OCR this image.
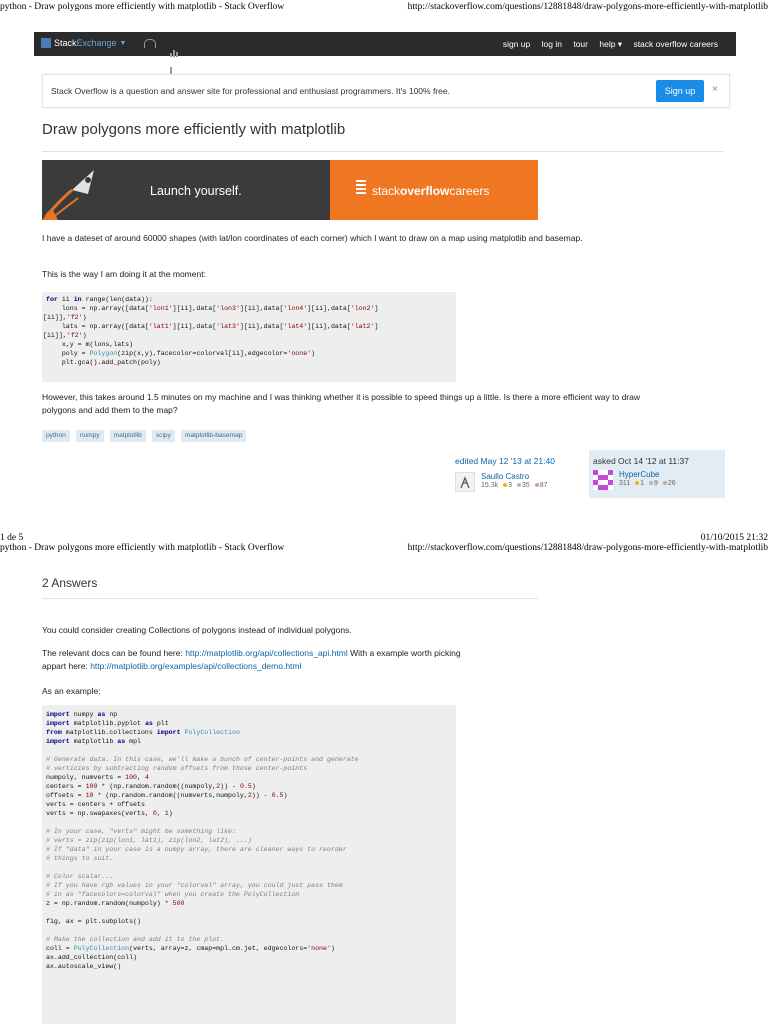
python - Draw polygons more efficiently with matplotlib - Stack Overflow	http://stackoverflow.com/questions/12881848/draw-polygons-more-efficiently-with-matplotlib
Stack Exchange ▼	sign up log in tour help ▾ stack overflow careers
Stack Overflow is a question and answer site for professional and enthusiast programmers. It's 100% free.	Sign up	×
Draw polygons more efficiently with matplotlib
Launch yourself.	stackoverflowcareers
I have a dateset of around 60000 shapes (with lat/lon coordinates of each corner) which I want to draw on a map using matplotlib and basemap.
This is the way I am doing it at the moment:

for ii in range(len(data)):

lons = np.array([data['lon1'][ii],data['lon3'][ii],data['lon4'][ii],data['lon2']

[ii]],'f2')

lats = np.array([data['lat1'][ii],data['lat3'][ii],data['lat4'][ii],data['lat2']

[ii]],'f2')

x,y = m(lons,lats)

poly = Polygon(zip(x,y),facecolor=colorval[ii],edgecolor='none')

plt.gca().add_patch(poly)

However, this takes around 1.5 minutes on my machine and I was thinking whether it is possible to speed things up a little. Is there a more efficient way to draw polygons and add them to the map?
python	numpy	matplotlib	scipy	matplotlib-basemap
edited May 12 '13 at 21:40
Saullo Castro
15.3k 3 35 87
asked Oct 14 '12 at 11:37
HyperCube
311 1 9 26
1 de 5	01/10/2015 21:32
python - Draw polygons more efficiently with matplotlib - Stack Overflow	http://stackoverflow.com/questions/12881848/draw-polygons-more-efficiently-with-matplotlib
2 Answers
You could consider creating Collections of polygons instead of individual polygons.
The relevant docs can be found here: http://matplotlib.org/api/collections_api.html With a example worth picking appart here: http://matplotlib.org/examples/api/collections_demo.html
As an example:

import numpy as np

import matplotlib.pyplot as plt

from matplotlib.collections import PolyCollection

import matplotlib as mpl

# Generate data. In this case, we'll make a bunch of center-points and generate

# verticies by subtracting random offsets from those center-points

numpoly, numverts = 100, 4

centers = 100 * (np.random.random((numpoly,2)) - 0.5)

offsets = 10 * (np.random.random((numverts,numpoly,2)) - 0.5)

verts = centers + offsets

verts = np.swapaxes(verts, 0, 1)

# In your case, "verts" might be something like:

# verts = zip(zip(lon1, lat1), zip(lon2, lat2), ...)

# If "data" in your case is a numpy array, there are cleaner ways to reorder

# things to suit.

# Color scalar...

# If you have rgb values in your "colorval" array, you could just pass them

# in as "facecolors=colorval" when you create the PolyCollection

z = np.random.random(numpoly) * 500

fig, ax = plt.subplots()

# Make the collection and add it to the plot.

coll = PolyCollection(verts, array=z, cmap=mpl.cm.jet, edgecolors='none')

ax.add_collection(coll)

ax.autoscale_view()
